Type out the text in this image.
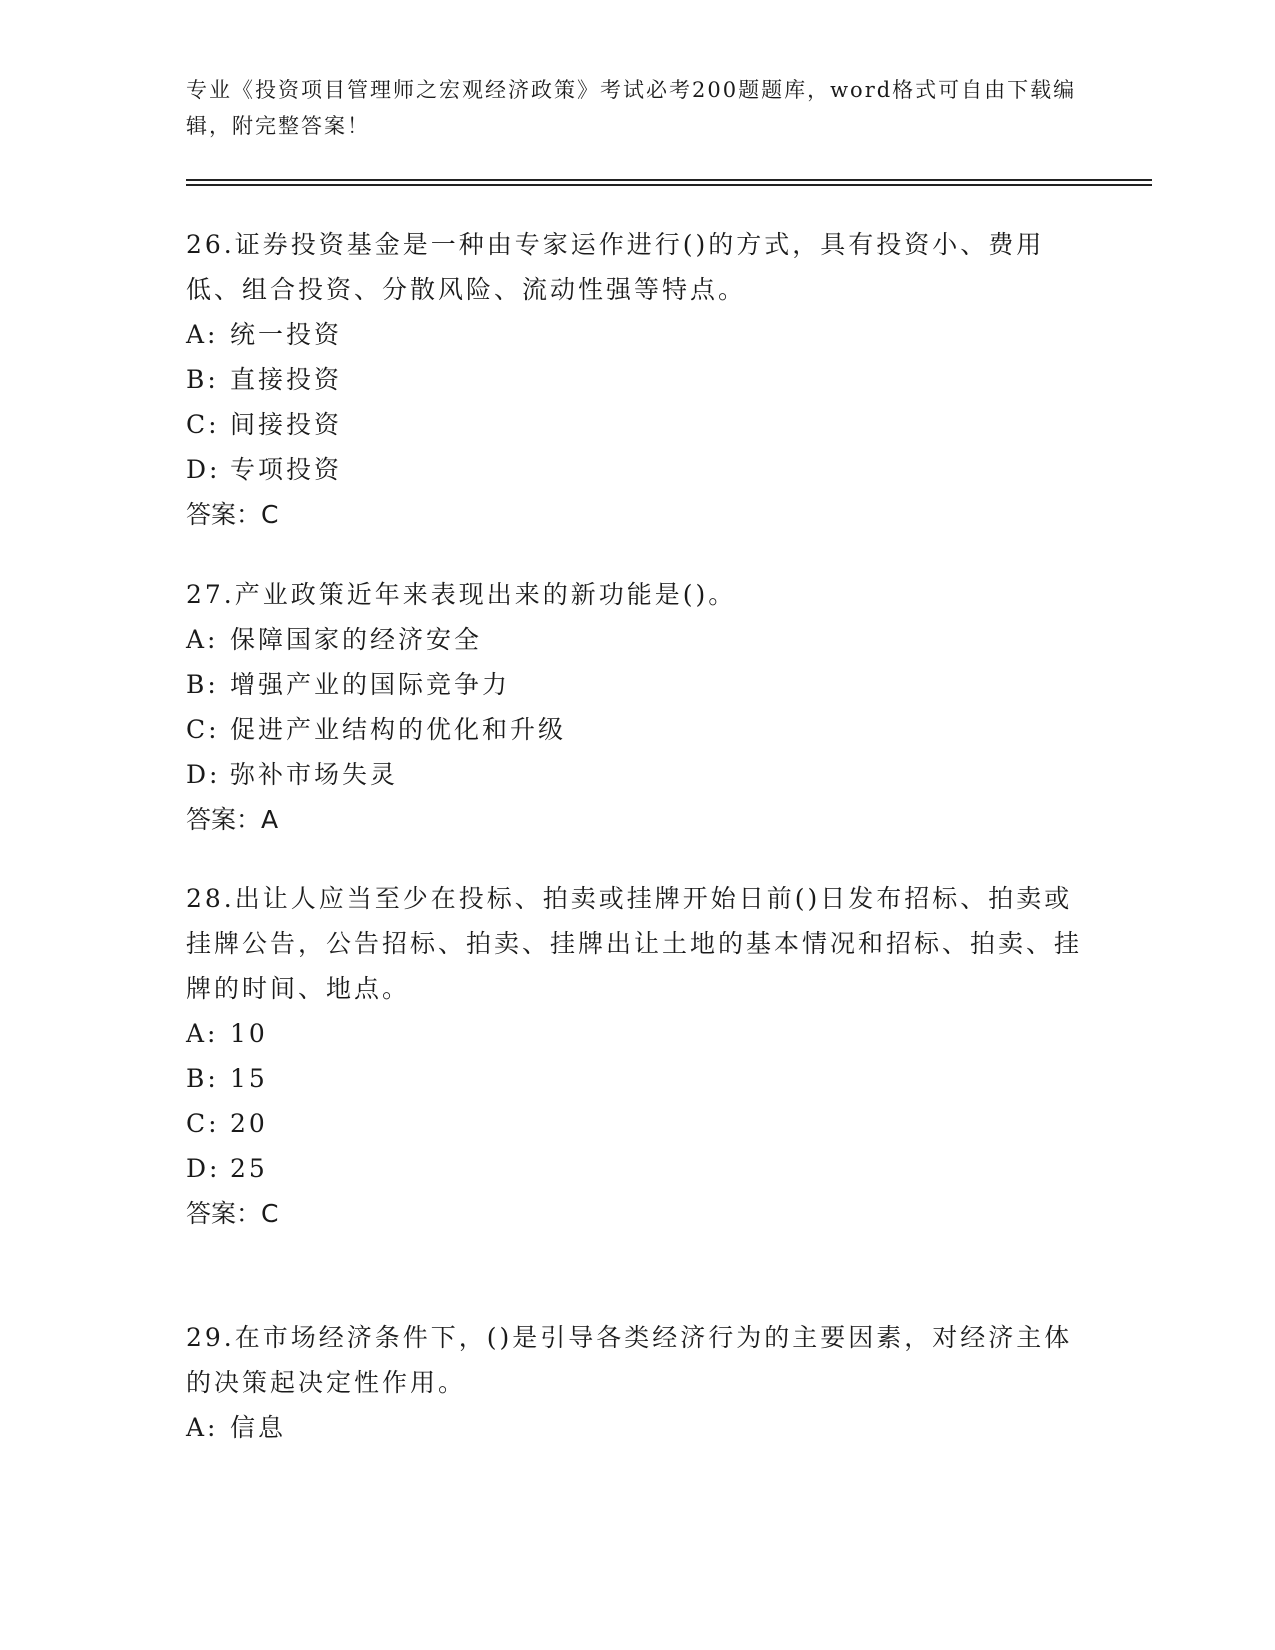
专业《投资项目管理师之宏观经济政策》考试必考200题题库，word格式可自由下载编辑，附完整答案！
26.证券投资基金是一种由专家运作进行()的方式，具有投资小、费用低、组合投资、分散风险、流动性强等特点。
A: 统一投资
B: 直接投资
C: 间接投资
D: 专项投资
答案：C
27.产业政策近年来表现出来的新功能是()。
A: 保障国家的经济安全
B: 增强产业的国际竞争力
C: 促进产业结构的优化和升级
D: 弥补市场失灵
答案：A
28.出让人应当至少在投标、拍卖或挂牌开始日前()日发布招标、拍卖或挂牌公告，公告招标、拍卖、挂牌出让土地的基本情况和招标、拍卖、挂牌的时间、地点。
A: 10
B: 15
C: 20
D: 25
答案：C
29.在市场经济条件下，()是引导各类经济行为的主要因素，对经济主体的决策起决定性作用。
A: 信息
